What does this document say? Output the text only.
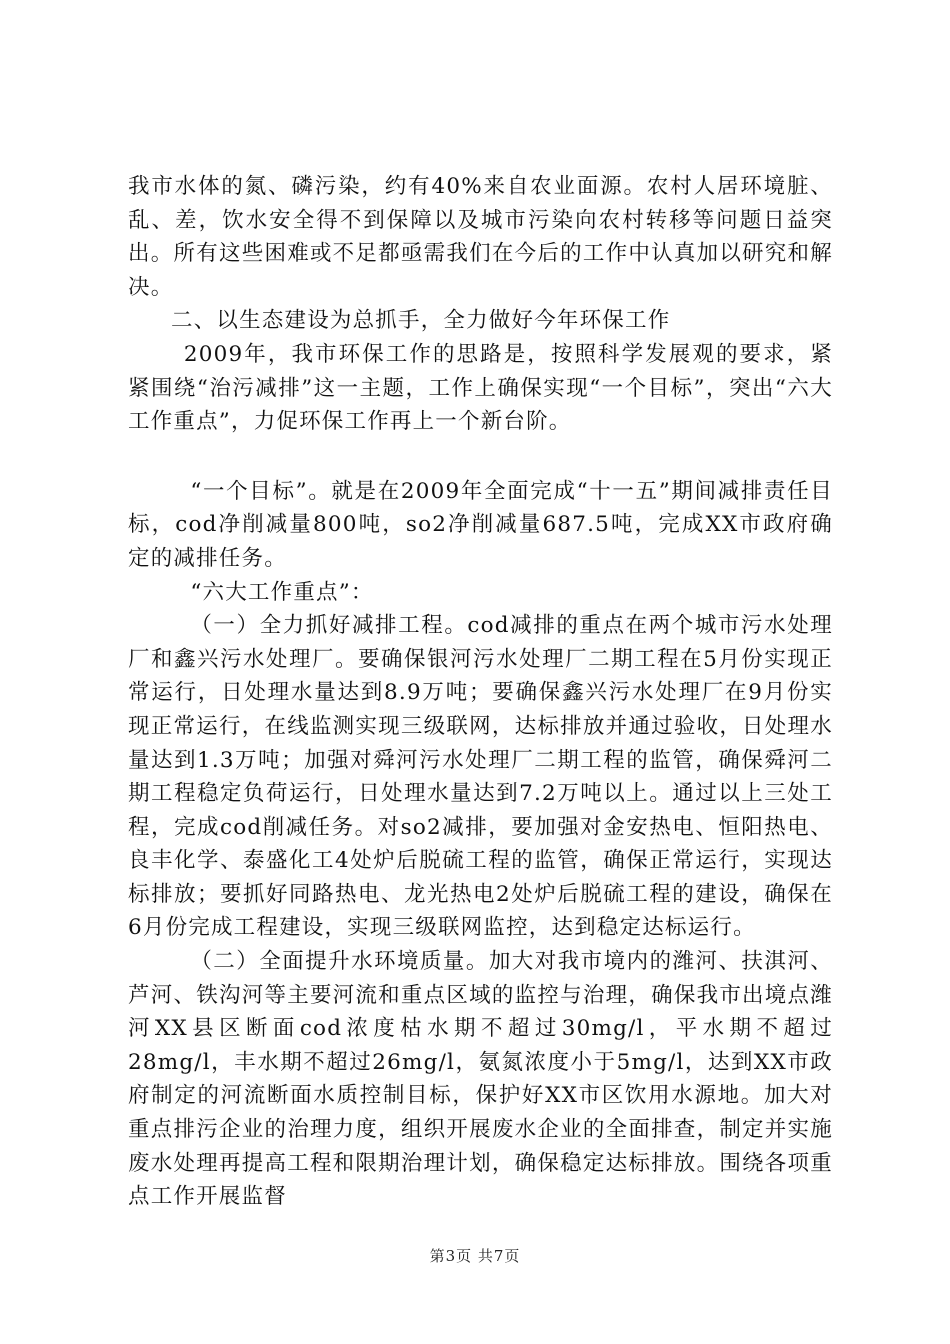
我市水体的氮、磷污染，约有40%来自农业面源。农村人居环境脏、乱、差，饮水安全得不到保障以及城市污染向农村转移等问题日益突出。所有这些困难或不足都亟需我们在今后的工作中认真加以研究和解决。

二、以生态建设为总抓手，全力做好今年环保工作

2009年，我市环保工作的思路是，按照科学发展观的要求，紧紧围绕“治污减排”这一主题，工作上确保实现“一个目标”，突出“六大工作重点”，力促环保工作再上一个新台阶。

“一个目标”。就是在2009年全面完成“十一五”期间减排责任目标，cod净削减量800吨，so2净削减量687.5吨，完成XX市政府确定的减排任务。

“六大工作重点”：

（一）全力抓好减排工程。cod减排的重点在两个城市污水处理厂和鑫兴污水处理厂。要确保银河污水处理厂二期工程在5月份实现正常运行，日处理水量达到8.9万吨；要确保鑫兴污水处理厂在9月份实现正常运行，在线监测实现三级联网，达标排放并通过验收，日处理水量达到1.3万吨；加强对舜河污水处理厂二期工程的监管，确保舜河二期工程稳定负荷运行，日处理水量达到7.2万吨以上。通过以上三处工程，完成cod削减任务。对so2减排，要加强对金安热电、恒阳热电、良丰化学、泰盛化工4处炉后脱硫工程的监管，确保正常运行，实现达标排放；要抓好同路热电、龙光热电2处炉后脱硫工程的建设，确保在6月份完成工程建设，实现三级联网监控，达到稳定达标运行。

（二）全面提升水环境质量。加大对我市境内的潍河、扶淇河、芦河、铁沟河等主要河流和重点区域的监控与治理，确保我市出境点潍河XX县区断面cod浓度枯水期不超过30mg/l，平水期不超过28mg/l，丰水期不超过26mg/l，氨氮浓度小于5mg/l，达到XX市政府制定的河流断面水质控制目标，保护好XX市区饮用水源地。加大对重点排污企业的治理力度，组织开展废水企业的全面排查，制定并实施废水处理再提高工程和限期治理计划，确保稳定达标排放。围绕各项重点工作开展监督

第3页 共7页
